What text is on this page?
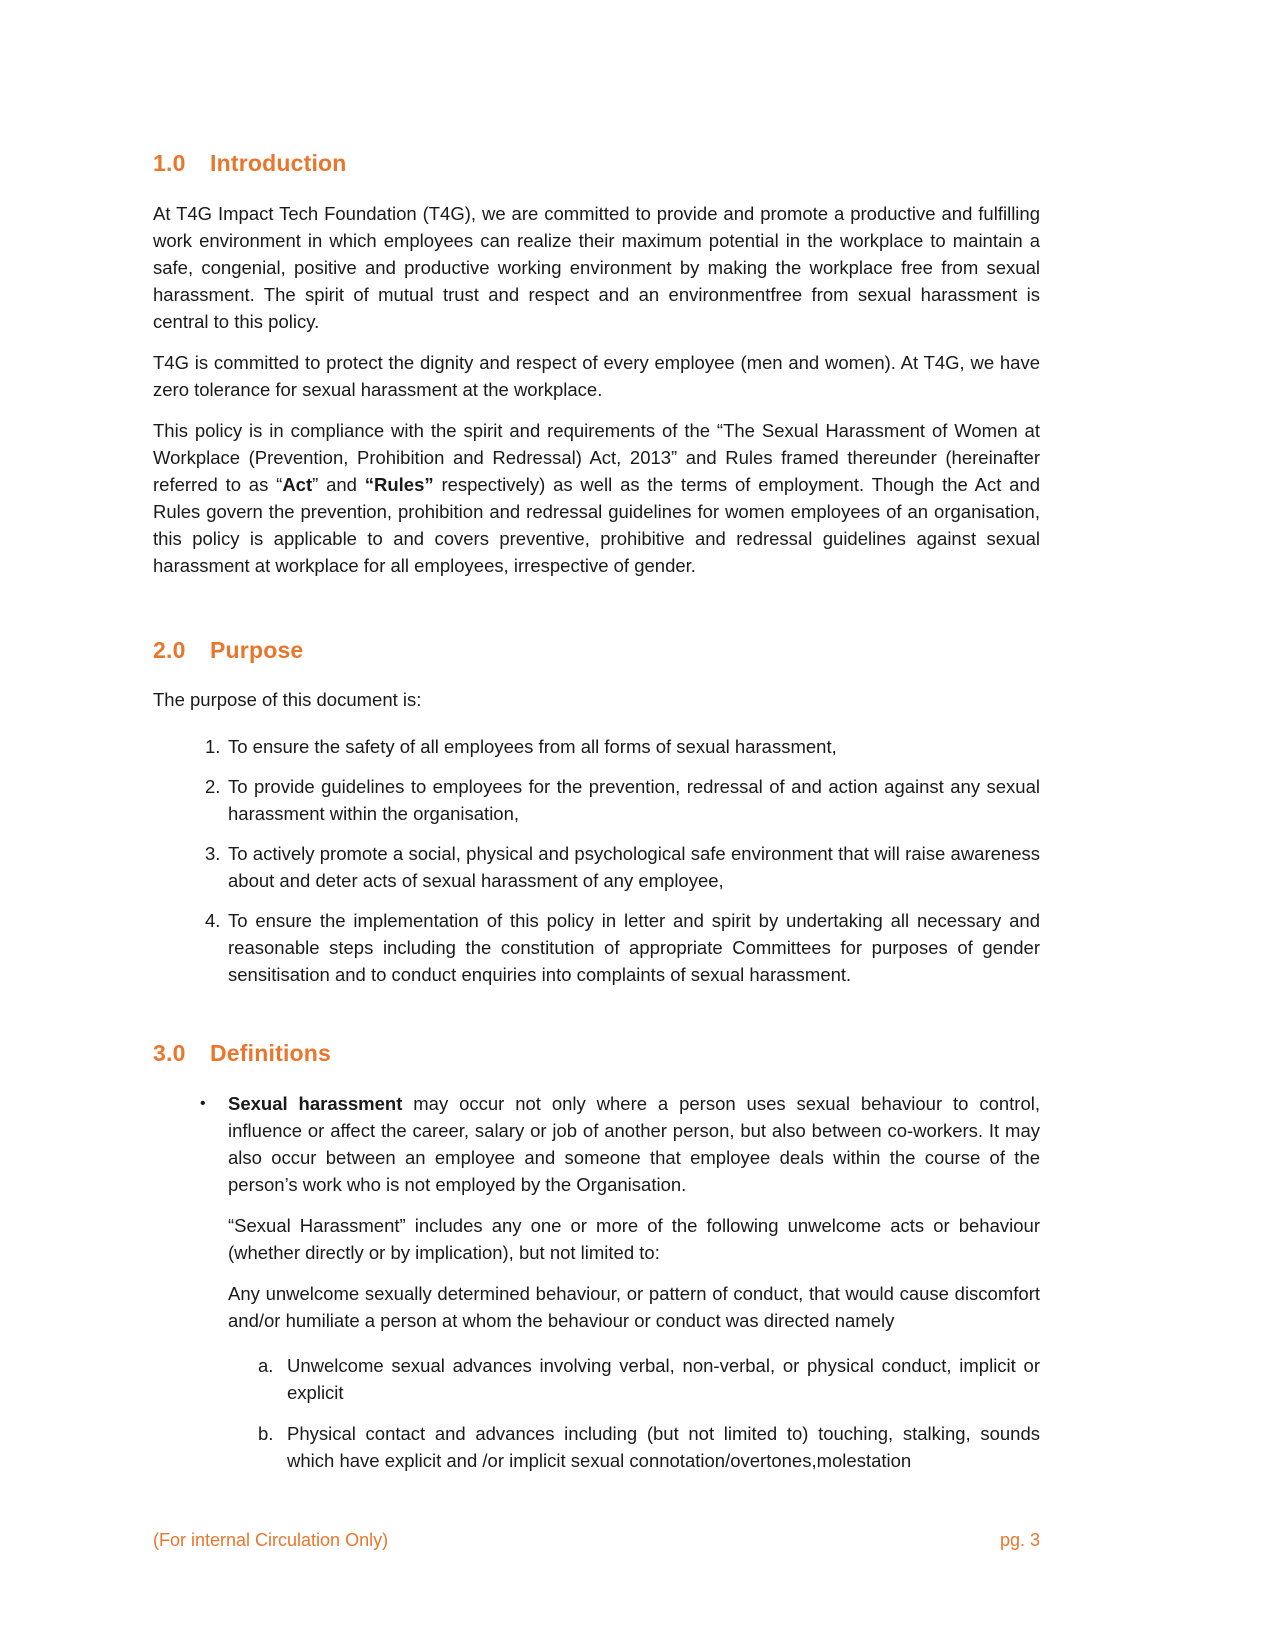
1.0 Introduction

At T4G Impact Tech Foundation (T4G), we are committed to provide and promote a productive and fulfilling work environment in which employees can realize their maximum potential in the workplace to maintain a safe, congenial, positive and productive working environment by making the workplace free from sexual harassment. The spirit of mutual trust and respect and an environmentfree from sexual harassment is central to this policy.

T4G is committed to protect the dignity and respect of every employee (men and women). At T4G, we have zero tolerance for sexual harassment at the workplace.

This policy is in compliance with the spirit and requirements of the “The Sexual Harassment of Women at Workplace (Prevention, Prohibition and Redressal) Act, 2013” and Rules framed thereunder (hereinafter referred to as “Act” and “Rules” respectively) as well as the terms of employment. Though the Act and Rules govern the prevention, prohibition and redressal guidelines for women employees of an organisation, this policy is applicable to and covers preventive, prohibitive and redressal guidelines against sexual harassment at workplace for all employees, irrespective of gender.

2.0 Purpose

The purpose of this document is:

1. To ensure the safety of all employees from all forms of sexual harassment,
2. To provide guidelines to employees for the prevention, redressal of and action against any sexual harassment within the organisation,
3. To actively promote a social, physical and psychological safe environment that will raise awareness about and deter acts of sexual harassment of any employee,
4. To ensure the implementation of this policy in letter and spirit by undertaking all necessary and reasonable steps including the constitution of appropriate Committees for purposes of gender sensitisation and to conduct enquiries into complaints of sexual harassment.
3.0 Definitions
•	Sexual harassment may occur not only where a person uses sexual behaviour to control, influence or affect the career, salary or job of another person, but also between co-workers. It may also occur between an employee and someone that employee deals within the course of the person’s work who is not employed by the Organisation.

“Sexual Harassment” includes any one or more of the following unwelcome acts or behaviour (whether directly or by implication), but not limited to:

Any unwelcome sexually determined behaviour, or pattern of conduct, that would cause discomfort and/or humiliate a person at whom the behaviour or conduct was directed namely

a. Unwelcome sexual advances involving verbal, non-verbal, or physical conduct, implicit or explicit
b. Physical contact and advances including (but not limited to) touching, stalking, sounds which have explicit and /or implicit sexual connotation/overtones,molestation
(For internal Circulation Only)	pg. 3
